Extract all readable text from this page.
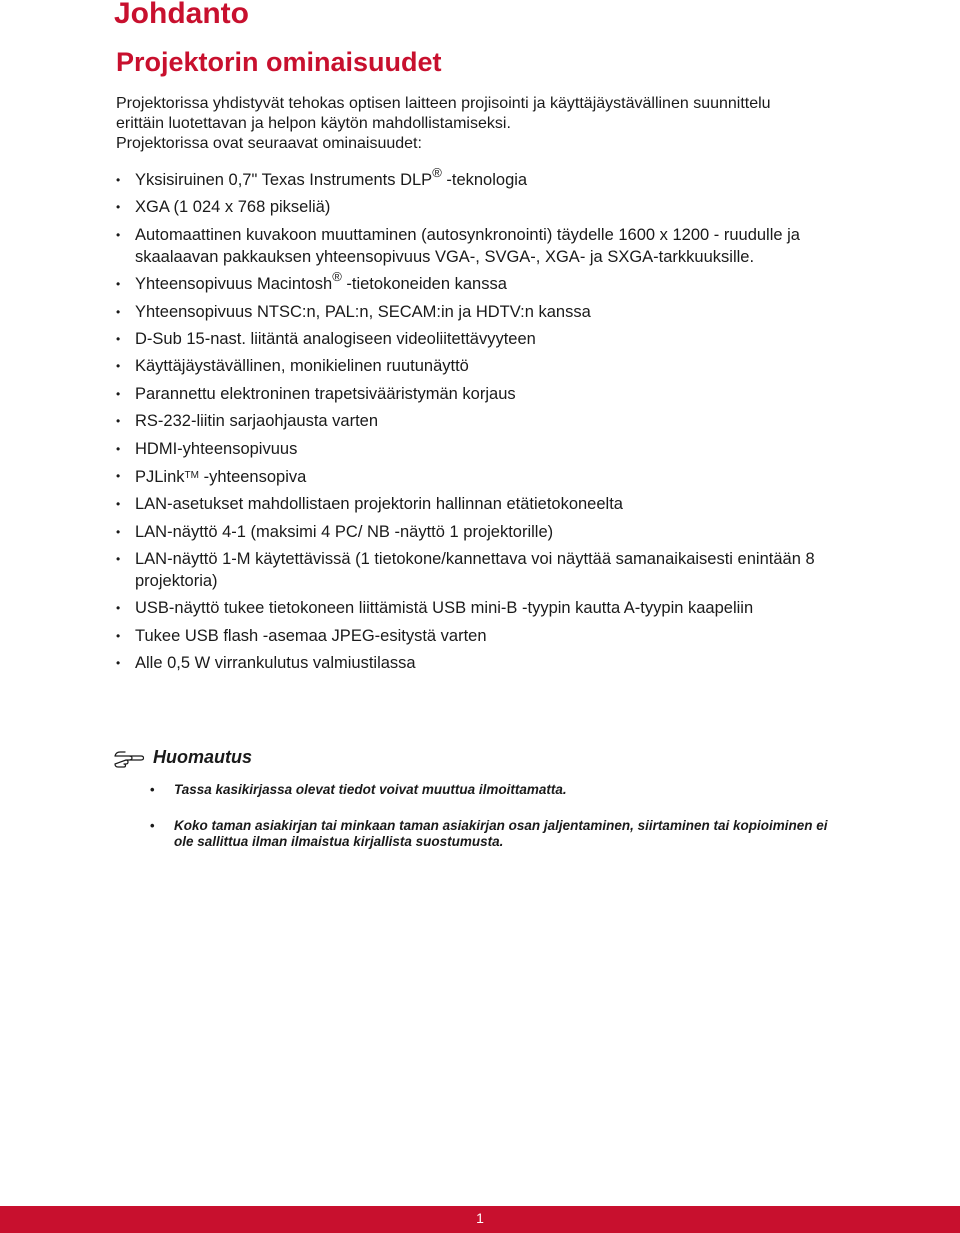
Johdanto
Projektorin ominaisuudet

Projektorissa yhdistyvät tehokas optisen laitteen projisointi ja käyttäjäystävällinen suunnittelu erittäin luotettavan ja helpon käytön mahdollistamiseksi.

Projektorissa ovat seuraavat ominaisuudet:

• Yksisiruinen 0,7" Texas Instruments DLP® -teknologia
• XGA (1 024 x 768 pikseliä)
• Automaattinen kuvakoon muuttaminen (autosynkronointi) täydelle 1600 x 1200 - ruudulle ja skaalaavan pakkauksen yhteensopivuus VGA-, SVGA-, XGA- ja SXGA-tarkkuuksille.
• Yhteensopivuus Macintosh® -tietokoneiden kanssa
• Yhteensopivuus NTSC:n, PAL:n, SECAM:in ja HDTV:n kanssa
• D-Sub 15-nast. liitäntä analogiseen videoliitettävyyteen
• Käyttäjäystävällinen, monikielinen ruutunäyttö
• Parannettu elektroninen trapetsivääristymän korjaus
• RS-232-liitin sarjaohjausta varten
• HDMI-yhteensopivuus
• PJLink™ -yhteensopiva
• LAN-asetukset mahdollistaen projektorin hallinnan etätietokoneelta
• LAN-näyttö 4-1 (maksimi 4 PC/ NB -näyttö 1 projektorille)
• LAN-näyttö 1-M käytettävissä (1 tietokone/kannettava voi näyttää samanaikaisesti enintään 8 projektoria)
• USB-näyttö tukee tietokoneen liittämistä USB mini-B -tyypin kautta A-tyypin kaapeliin
• Tukee USB flash -asemaa JPEG-esitystä varten
• Alle 0,5 W virrankulutus valmiustilassa
Huomautus
• Tassa kasikirjassa olevat tiedot voivat muuttua ilmoittamatta.
• Koko taman asiakirjan tai minkaan taman asiakirjan osan jaljentaminen, siirtaminen tai kopioiminen ei ole sallittua ilman ilmaistua kirjallista suostumusta.
1
